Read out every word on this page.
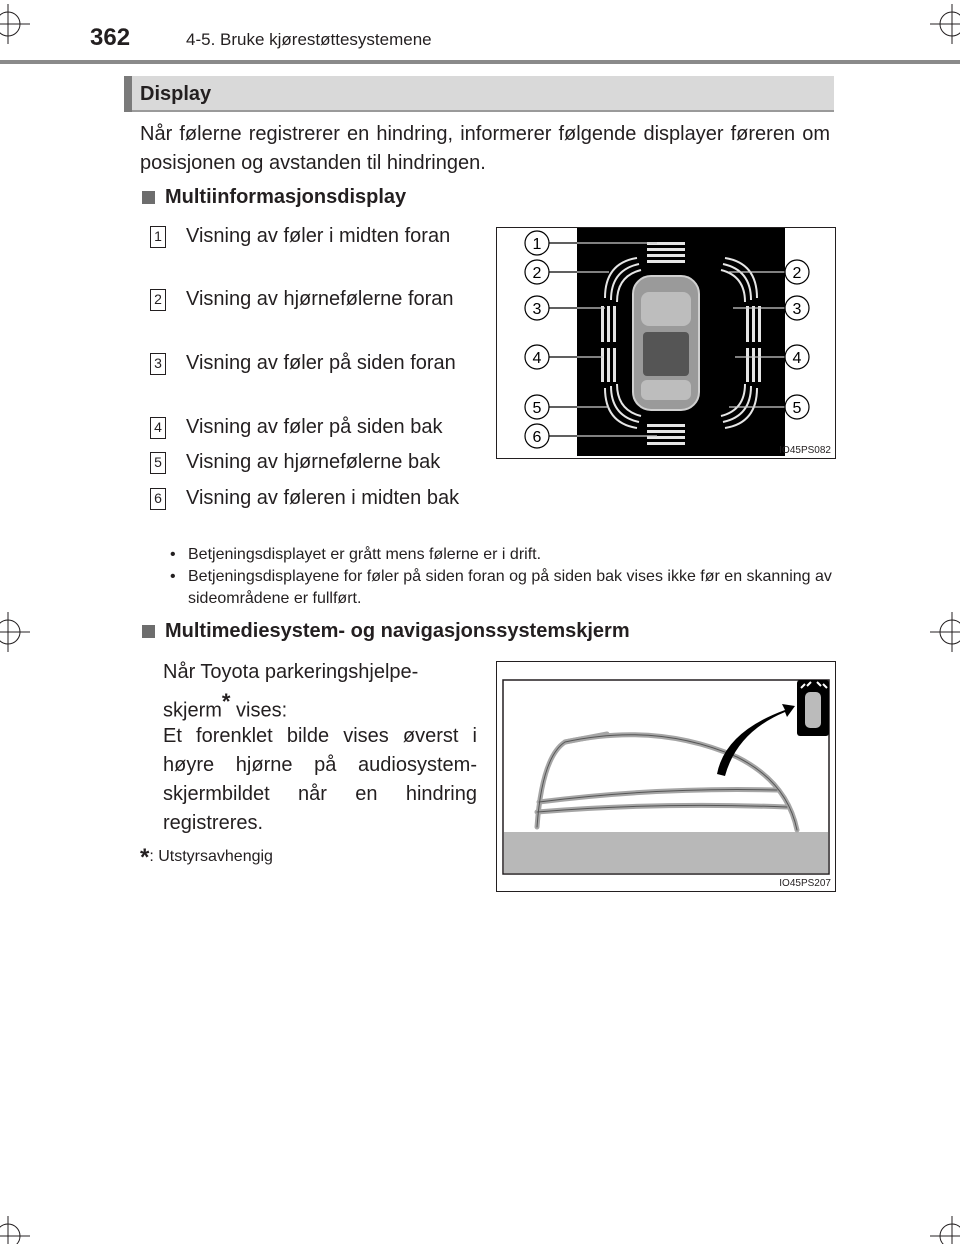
362	4-5. Bruke kjørestøttesystemene
Display
Når følerne registrerer en hindring, informerer følgende displayer føreren om posisjonen og avstanden til hindringen.
Multiinformasjonsdisplay
1 Visning av føler i midten foran
2 Visning av hjørnefølerne foran
3 Visning av føler på siden foran
4 Visning av føler på siden bak
5 Visning av hjørnefølerne bak
6 Visning av føleren i midten bak
1
2	2
3	3
4	4
5	5
6
IO45PS082
• Betjeningsdisplayet er grått mens følerne er i drift.
• Betjeningsdisplayene for føler på siden foran og på siden bak vises ikke før en skanning av sideområdene er fullført.
Multimediesystem- og navigasjonssystemskjerm
Når Toyota parkeringshjelpe-skjerm* vises:
Et forenklet bilde vises øverst i høyre hjørne på audiosystem-skjermbildet når en hindring registreres.
*: Utstyrsavhengig
IO45PS207
